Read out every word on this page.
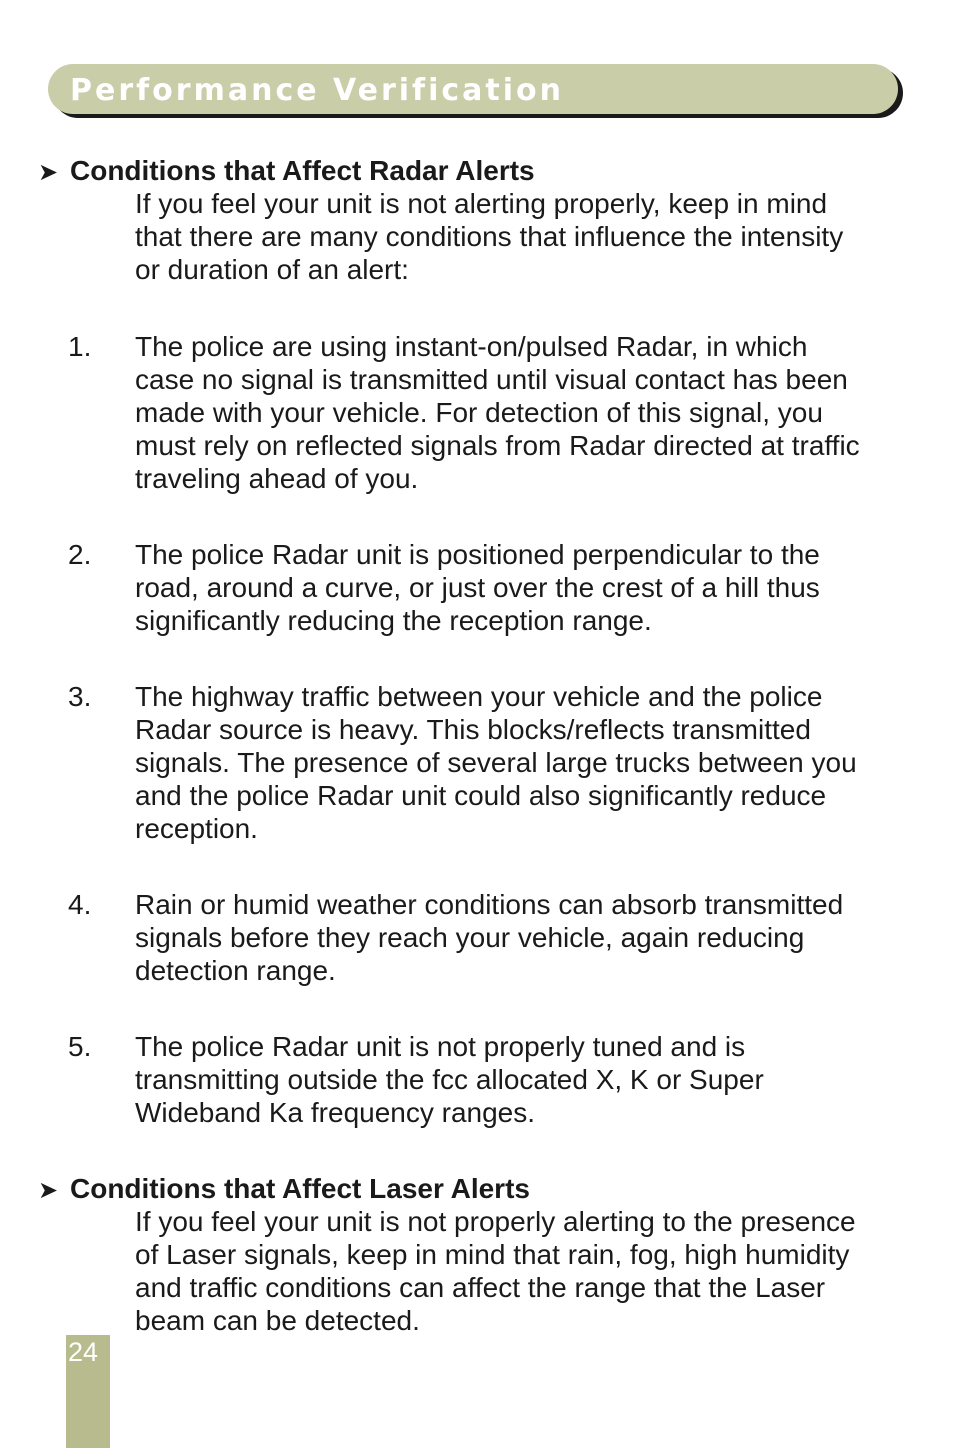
Performance Verification
➤ Conditions that Affect Radar Alerts
If you feel your unit is not alerting properly, keep in mind that there are many conditions that influence the intensity or duration of an alert:
1. The police are using instant-on/pulsed Radar, in which case no signal is transmitted until visual contact has been made with your vehicle. For detection of this signal, you must rely on reflected signals from Radar directed at traffic traveling ahead of you.
2. The police Radar unit is positioned perpendicular to the road, around a curve, or just over the crest of a hill thus significantly reducing the reception range.
3. The highway traffic between your vehicle and the police Radar source is heavy. This blocks/reflects transmitted signals. The presence of several large trucks between you and the police Radar unit could also significantly reduce reception.
4. Rain or humid weather conditions can absorb transmitted signals before they reach your vehicle, again reducing detection range.
5. The police Radar unit is not properly tuned and is transmitting outside the fcc allocated X, K or Super Wideband Ka frequency ranges.
➤ Conditions that Affect Laser Alerts
If you feel your unit is not properly alerting to the presence of Laser signals, keep in mind that rain, fog, high humidity and traffic conditions can affect the range that the Laser beam can be detected.
24
